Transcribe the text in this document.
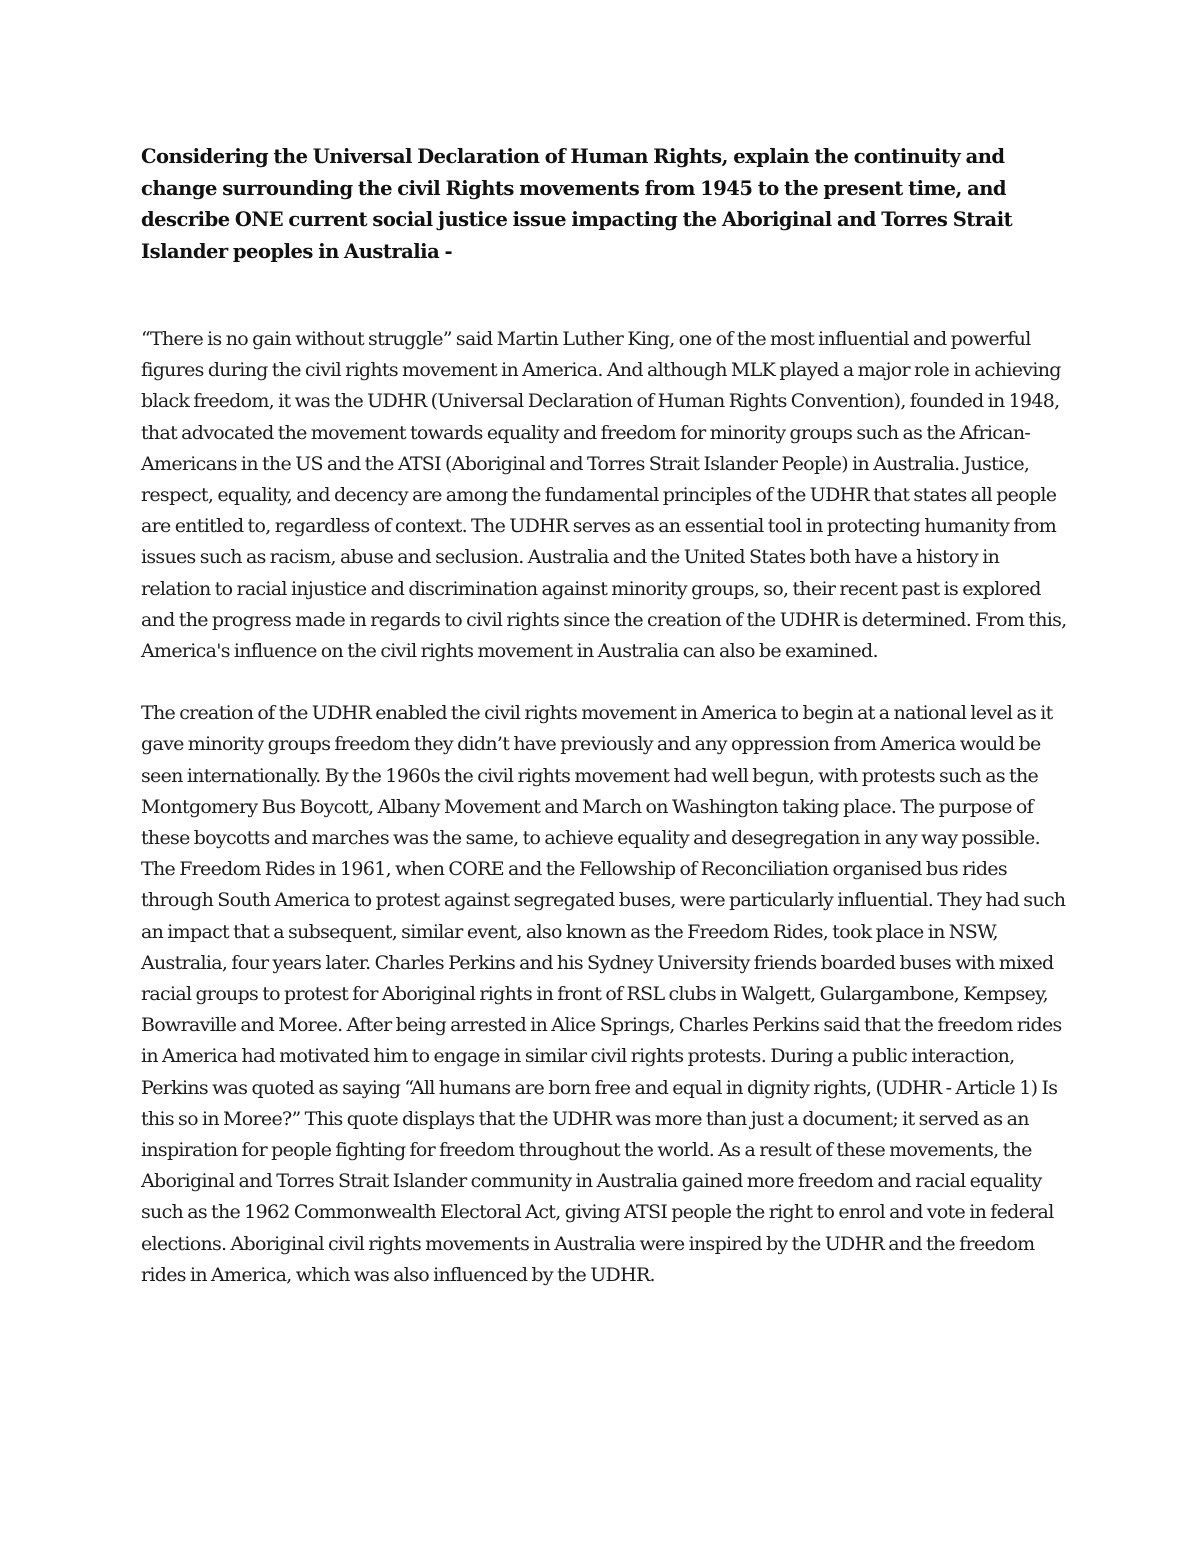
Considering the Universal Declaration of Human Rights, explain the continuity and change surrounding the civil Rights movements from 1945 to the present time, and describe ONE current social justice issue impacting the Aboriginal and Torres Strait Islander peoples in Australia -

“There is no gain without struggle” said Martin Luther King, one of the most influential and powerful figures during the civil rights movement in America. And although MLK played a major role in achieving black freedom, it was the UDHR (Universal Declaration of Human Rights Convention), founded in 1948, that advocated the movement towards equality and freedom for minority groups such as the African-Americans in the US and the ATSI (Aboriginal and Torres Strait Islander People) in Australia. Justice, respect, equality, and decency are among the fundamental principles of the UDHR that states all people are entitled to, regardless of context. The UDHR serves as an essential tool in protecting humanity from issues such as racism, abuse and seclusion. Australia and the United States both have a history in relation to racial injustice and discrimination against minority groups, so, their recent past is explored and the progress made in regards to civil rights since the creation of the UDHR is determined. From this, America's influence on the civil rights movement in Australia can also be examined.

The creation of the UDHR enabled the civil rights movement in America to begin at a national level as it gave minority groups freedom they didn’t have previously and any oppression from America would be seen internationally. By the 1960s the civil rights movement had well begun, with protests such as the Montgomery Bus Boycott, Albany Movement and March on Washington taking place. The purpose of these boycotts and marches was the same, to achieve equality and desegregation in any way possible. The Freedom Rides in 1961, when CORE and the Fellowship of Reconciliation organised bus rides through South America to protest against segregated buses, were particularly influential. They had such an impact that a subsequent, similar event, also known as the Freedom Rides, took place in NSW, Australia, four years later. Charles Perkins and his Sydney University friends boarded buses with mixed racial groups to protest for Aboriginal rights in front of RSL clubs in Walgett, Gulargambone, Kempsey, Bowraville and Moree. After being arrested in Alice Springs, Charles Perkins said that the freedom rides in America had motivated him to engage in similar civil rights protests. During a public interaction, Perkins was quoted as saying “All humans are born free and equal in dignity rights, (UDHR - Article 1) Is this so in Moree?” This quote displays that the UDHR was more than just a document; it served as an inspiration for people fighting for freedom throughout the world. As a result of these movements, the Aboriginal and Torres Strait Islander community in Australia gained more freedom and racial equality such as the 1962 Commonwealth Electoral Act, giving ATSI people the right to enrol and vote in federal elections. Aboriginal civil rights movements in Australia were inspired by the UDHR and the freedom rides in America, which was also influenced by the UDHR.
